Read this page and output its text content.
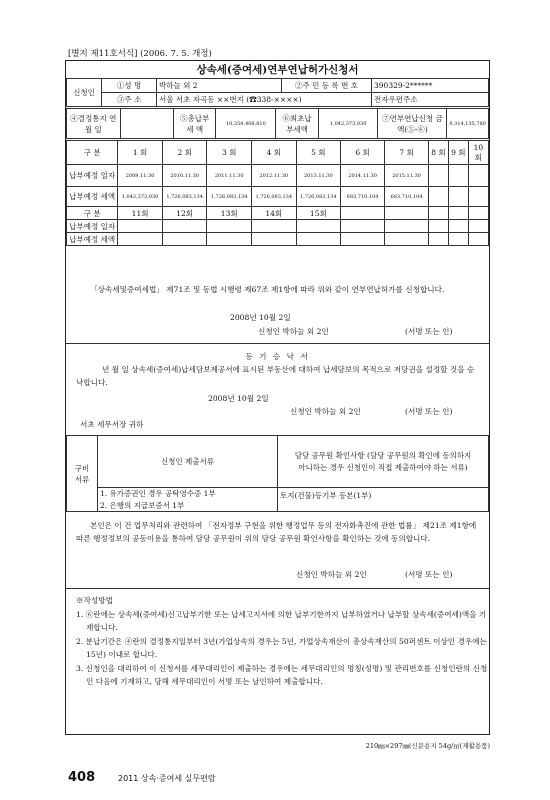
[별지 제11호서식] (2006. 7. 5. 개정)
상속세(증여세)연부연납허가신청서
신청인	①성 명	박하늘 외 2	②주 민 등 록 번 호	390329-2******
	③주 소	서울 서초 자곡동 ××번지 (☎338-××××)		전자우편주소
④결정통지 연 월 일		⑤총납부 세 액	10,358,408,810	⑥최초납 부세액	1,042,373,030	⑦연부연납신청 금액(⑤-⑥)	9,314,135,780
구 분	1 회	2 회	3 회	4 회	5 회	6 회	7 회	8 회	9 회	10 회
납부예정 일자	2009.11.30	2010.11.30	2011.11.30	2012.11.30	2013.11.30	2014.11.30	2015.11.30			
납부예정 세액	1,042,373,030	1,726,083,134	1,726,083,134	1,726,083,134	1,726,083,134	683,710,104	683,710,104			
구 분	11회	12회	13회	14회	15회					
납부예정 일자										
납부예정 세액										
「상속세및증여세법」 제71조 및 동법 시행령 제67조 제1항에 따라 위와 같이 연부연납허가를 신청합니다.
2008년 10월 2일
신청인 박하늘 외 2인	(서명 또는 인)
등 기 승 낙 서
년 월 일 상속세(증여세)납세담보제공서에 표시된 부동산에 대하여 납세담보의 목적으로 저당권을 설정할 것을 승낙합니다.
2008년 10월 2일
신청인 박하늘 외 2인	(서명 또는 인)
서초 세무서장 귀하
구비서류	신청인 제출서류	담당 공무원 확인사항 (담당 공무원의 확인에 동의하지 아니하는 경우 신청인이 직접 제출하여야 하는 서류)
	1. 유가증권인 경우 공탁영수증 1부	토지(건물)등기부 등본(1부)
	2. 은행의 지급보증서 1부	
본인은 이 건 업무처리와 관련하여 「전자정부 구현을 위한 행정업무 등의 전자화촉진에 관한 법률」 제21조 제1항에 따른 행정정보의 공동이용을 통하여 담당 공무원이 위의 담당 공무원 확인사항을 확인하는 것에 동의합니다.
신청인 박하늘 외 2인	(서명 또는 인)
※작성방법
1. ⑥란에는 상속세(증여세)신고납부기한 또는 납세고지서에 의한 납부기한까지 납부하였거나 납부할 상속세(증여세)액을 기재합니다.
2. 분납기간은 ④란의 결정통지일부터 3년(가업상속의 경우는 5년, 가업상속재산이 총상속재산의 50퍼센트 이상인 경우에는 15년) 이내로 합니다.
3. 신청인을 대리하여 이 신청서를 세무대리인이 제출하는 경우에는 세무대리인의 명칭(성명) 및 관리번호를 신청인란의 신청인 다음에 기재하고, 당해 세무대리인이 서명 또는 날인하여 제출합니다.
210㎜×297㎜(신문용지 54g/㎡(재활용품)
408	2011 상속·증여세 실무편람
